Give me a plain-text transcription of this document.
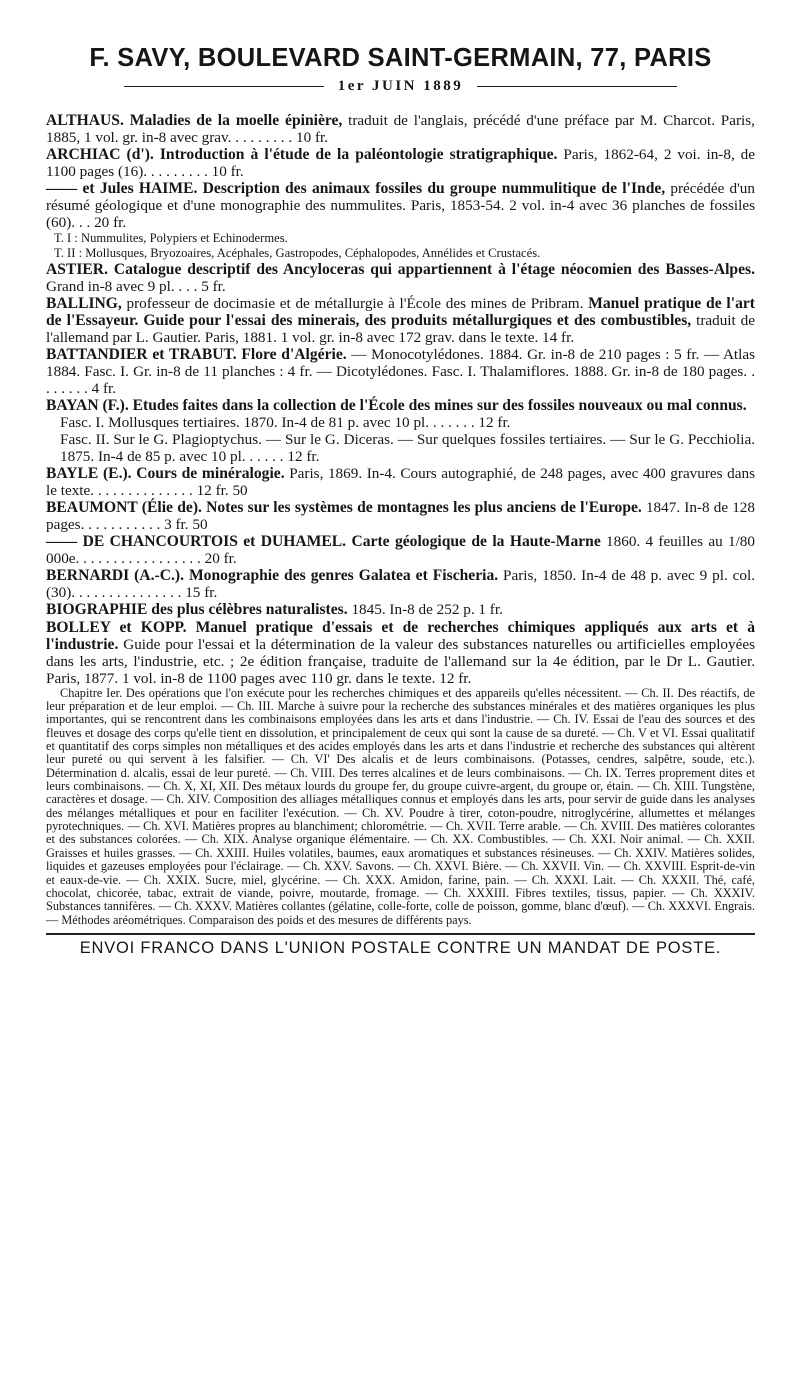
F. SAVY, BOULEVARD SAINT-GERMAIN, 77, PARIS
1er JUIN 1889

ALTHAUS. Maladies de la moelle épinière, traduit de l'anglais, précédé d'une préface par M. Charcot. Paris, 1885, 1 vol. gr. in-8 avec grav. . . . . . . . . 10 fr.

ARCHIAC (d'). Introduction à l'étude de la paléontologie stratigraphique. Paris, 1862-64, 2 voi. in-8, de 1100 pages (16). . . . . . . . . 10 fr.

—— et Jules HAIME. Description des animaux fossiles du groupe nummulitique de l'Inde, précédée d'un résumé géologique et d'une monographie des nummulites. Paris, 1853-54. 2 vol. in-4 avec 36 planches de fossiles (60). . . 20 fr.

T. I : Nummulites, Polypiers et Echinodermes.

T. II : Mollusques, Bryozoaires, Acéphales, Gastropodes, Céphalopodes, Annélides et Crustacés.

ASTIER. Catalogue descriptif des Ancyloceras qui appartiennent à l'étage néocomien des Basses-Alpes. Grand in-8 avec 9 pl. . . . 5 fr.

BALLING, professeur de docimasie et de métallurgie à l'École des mines de Pribram. Manuel pratique de l'art de l'Essayeur. Guide pour l'essai des minerais, des produits métallurgiques et des combustibles, traduit de l'allemand par L. Gautier. Paris, 1881. 1 vol. gr. in-8 avec 172 grav. dans le texte. 14 fr.

BATTANDIER et TRABUT. Flore d'Algérie. — Monocotylédones. 1884. Gr. in-8 de 210 pages : 5 fr. — Atlas 1884. Fasc. I. Gr. in-8 de 11 planches : 4 fr. — Dicotylédones. Fasc. I. Thalamiflores. 1888. Gr. in-8 de 180 pages. . . . . . . . 4 fr.

BAYAN (F.). Etudes faites dans la collection de l'École des mines sur des fossiles nouveaux ou mal connus.

Fasc. I. Mollusques tertiaires. 1870. In-4 de 81 p. avec 10 pl. . . . . . . 12 fr.

Fasc. II. Sur le G. Plagioptychus. — Sur le G. Diceras. — Sur quelques fossiles tertiaires. — Sur le G. Pecchiolia. 1875. In-4 de 85 p. avec 10 pl. . . . . . 12 fr.

BAYLE (E.). Cours de minéralogie. Paris, 1869. In-4. Cours autographié, de 248 pages, avec 400 gravures dans le texte. . . . . . . . . . . . . . 12 fr. 50

BEAUMONT (Élie de). Notes sur les systèmes de montagnes les plus anciens de l'Europe. 1847. In-8 de 128 pages. . . . . . . . . . . 3 fr. 50

—— DE CHANCOURTOIS et DUHAMEL. Carte géologique de la Haute-Marne 1860. 4 feuilles au 1/80 000e. . . . . . . . . . . . . . . . . 20 fr.

BERNARDI (A.-C.). Monographie des genres Galatea et Fischeria. Paris, 1850. In-4 de 48 p. avec 9 pl. col. (30). . . . . . . . . . . . . . . 15 fr.

BIOGRAPHIE des plus célèbres naturalistes. 1845. In-8 de 252 p. 1 fr.

BOLLEY et KOPP. Manuel pratique d'essais et de recherches chimiques appliqués aux arts et à l'industrie. Guide pour l'essai et la détermination de la valeur des substances naturelles ou artificielles employées dans les arts, l'industrie, etc. ; 2e édition française, traduite de l'allemand sur la 4e édition, par le Dr L. Gautier. Paris, 1877. 1 vol. in-8 de 1100 pages avec 110 gr. dans le texte. 12 fr.

Chapitre Ier. Des opérations que l'on exécute pour les recherches chimiques et des appareils qu'elles nécessitent. — Ch. II. Des réactifs, de leur préparation et de leur emploi. — Ch. III. Marche à suivre pour la recherche des substances minérales et des matières organiques les plus importantes, qui se rencontrent dans les combinaisons employées dans les arts et dans l'industrie. — Ch. IV. Essai de l'eau des sources et des fleuves et dosage des corps qu'elle tient en dissolution, et principalement de ceux qui sont la cause de sa dureté. — Ch. V et VI. Essai qualitatif et quantitatif des corps simples non métalliques et des acides employés dans les arts et dans l'industrie et recherche des substances qui altèrent leur pureté ou qui servent à les falsifier. — Ch. VI' Des alcalis et de leurs combinaisons. (Potasses, cendres, salpêtre, soude, etc.). Détermination d. alcalis, essai de leur pureté. — Ch. VIII. Des terres alcalines et de leurs combinaisons. — Ch. IX. Terres proprement dites et leurs combinaisons. — Ch. X, XI, XII. Des métaux lourds du groupe fer, du groupe cuivre-argent, du groupe or, étain. — Ch. XIII. Tungstène, caractères et dosage. — Ch. XIV. Composition des alliages métalliques connus et employés dans les arts, pour servir de guide dans les analyses des mélanges métalliques et pour en faciliter l'exécution. — Ch. XV. Poudre à tirer, coton-poudre, nitroglycérine, allumettes et mélanges pyrotechniques. — Ch. XVI. Matières propres au blanchiment; chlorométrie. — Ch. XVII. Terre arable. — Ch. XVIII. Des matières colorantes et des substances colorées. — Ch. XIX. Analyse organique élémentaire. — Ch. XX. Combustibles. — Ch. XXI. Noir animal. — Ch. XXII. Graisses et huiles grasses. — Ch. XXIII. Huiles volatiles, baumes, eaux aromatiques et substances résineuses. — Ch. XXIV. Matières solides, liquides et gazeuses employées pour l'éclairage. — Ch. XXV. Savons. — Ch. XXVI. Bière. — Ch. XXVII. Vin. — Ch. XXVIII. Esprit-de-vin et eaux-de-vie. — Ch. XXIX. Sucre, miel, glycérine. — Ch. XXX. Amidon, farine, pain. — Ch. XXXI. Lait. — Ch. XXXII. Thé, café, chocolat, chicorée, tabac, extrait de viande, poivre, moutarde, fromage. — Ch. XXXIII. Fibres textiles, tissus, papier. — Ch. XXXIV. Substances tannifères. — Ch. XXXV. Matières collantes (gélatine, colle-forte, colle de poisson, gomme, blanc d'œuf). — Ch. XXXVI. Engrais. — Méthodes aréométriques. Comparaison des poids et des mesures de différents pays.

ENVOI FRANCO DANS L'UNION POSTALE CONTRE UN MANDAT DE POSTE.
